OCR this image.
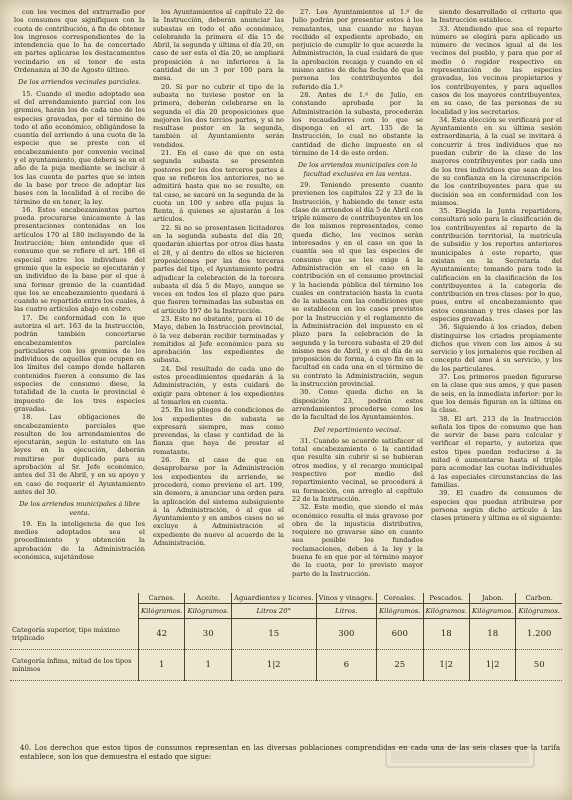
con los vecinos del extrarradio por los consumos que signifiquen con la cuota de contribución, á fin de obtener los ingresos correspondientes de la intendencia que lo ha de concertado en partes aplicarse los destacamentos vecindario en el tenor de esta Ordenanza al 30 de Agosto último.

De los arriendos vecinales parciales.

15. Cuando el medio adoptado sea el del arrendamiento parcial con los gremios, harán los de cada uno de los especies gravadas, por el término de todo el año económico, obligándose la cuantía del arriendo á una cuota de la especie que se preste con el encabezamiento por convenio vecinal y el ayuntamiento, que deberá se en el año de la puja mediante se incluir á los las cuenta de partes que se inten de la base por trece de adoptar las bases con la localidad á el recibo de término de en tener, la ley.

16. Estos encabezamientos partes pueda procurarse únicamente á las presentaciones contenidas en los artículos 170 al 180 incluyendo de la Instrucción; bien entendido que el consumo que se refiere el art. 186 el especial entre los individuos del gremio que la especie se ejecutarán y un individuo de la base por el que á una formar gremio de la cuantidad que los se encabezamiento quedará á cuando se repartido entre los cuales, á las cuatro artículos abajo en cobro.

17. De conformidad con lo que autoriza el art. 163 de la Instrucción, podrán también concertarse encabezamientos parciales particulares con los gremios de los individuos de aquellos que ocupen en los límites del campo donde hallaren contenidos fueren á consumo de las especies de consumo diese, la totalidad de la cuota le provincial é impuesto de los tres especies gravadas.

18. Las obligaciones de encabezamiento parciales que resulten de los arrendamientos de ejecutarán, según lo estatuto en las leyes en la ejecución, deberán remitirse por duplicado para su aprobación al Sr. Jefe económico, antes del 31 de Abril, y en su apoyo y en caso de requerir el Ayuntamiento antes del 30.

De los arriendos municipales á libre venta.

19. En la inteligencia de que los medios adoptados sea el procedimiento y obtención la aprobación de la Administración económica, sujetándose

los Ayuntamientos al capítulo 22 de la Instrucción, deberán anunciar las subastas en todo el año económico, celebrando la primera el día 15 de Abril, la segunda y última el día 20, en caso de ser esta el día 20, se ampliará proposición á no inferiores á la cantidad de un 3 por 100 para la mesa.

20. Si por no cubrir el tipo de la subasta no tuviese postor en la primera, deberán celebrarse en la segunda el día 20 proposiciones que mejoren los dos tercios partes, y si no resultase postor en la segunda, también el Ayuntamiento serán vendidos.

21. En el caso de que en esta segunda subasta se presenten postores por los dos terceros partes á que se refieren los anteriores, no se admitirá hasta que no se resulte, en tal caso, se sacaré en la segunda de la cuota un 100 y sobre ella pujas la Renta, á quienes se ajustarán á los artículos.

22. Si no se presentasen licitadores en la segunda subasta del día 20, quedarán abiertas por otros días hasta el 28, y al dentro de ellos se hicieren proposiciones por las dos terceras partes del tipo, el Ayuntamiento podrá adjudicar la celebración de la tercera subasta el día 5 de Mayo, aunque se veces en todos los el plazo que para que fueren terminadas las subastas en el artículo 197 de la Instrucción.

23. Esto no obstante, para el 10 de Mayo, deben la Instrucción provincial, ó la vez deberán recibir terminadas y remitidos al Jefe económico para su aprobación los expedientes de subasta.

24. Del resultado de cada uno de estos procedimientos quedarán á la Administración, y esta cuidará de exigir para obtener á los expedientes al tomarlos en cuenta.

25. En los pliegos de condiciones de los expedientes de subasta se expresará siempre, mas como prevendas, la clase y cantidad de la fianza que haya de prestar el rematante.

26. En el caso de que en desaprobarse por la Administración los expedientes de arriendo, se procederá, como previene el art. 199, sin demora, á anunciar una orden para la aplicación del sistema subsiguiente á la Administración, ó al que el Ayuntamiento y en ambos casos no se excluye á Administración el expediente de nuevo al acuerdo de la Administración.

27. Los Ayuntamientos al 1.º de Julio podrán por presentar estos á los rematantes, una cuando no hayan recibido el expediente aprobado, en perjuicio de cumplir lo que acuerde la Administración, la cual cuidará de que la aprobación recaiga y cuando en el mismo antes de dicha fecha de que la persona los contribuyentes del referido día 1.º

28. Antes de 1.º de Julio, en constando aprobada por la Administración la subasta, procederán los recaudadores con lo que se disponga en el art. 135 de la Instrucción, lo cual no obstante la cantidad de dicho impuesto en el término de 14 de este orden.

De los arriendos municipales con la facultad exclusiva en las ventas.

29. Teniendo presente cuanto previenen los capítulos 22 y 23 de la Instrucción, y habiendo de tener esta clase de arriendos el día 5 de Abril con triple número de contribuyentes en los de los mismos representados, como queda dicho, los vecinos serán interesados y en el caso en que la cuantía sea el que las especies de consumo que se les exige á la Administración en el caso en la contribución en el consumo provincial y la hacienda pública del término los cuales en contratación hasta la cuota de la subasta con las condiciones que se establecen en los casos previstos por la Instrucción y el reglamento de la Administración del impuesto en el plazo para la celebración de la segunda y la tercera subasta el 29 del mismo mes de Abril, y en el día de su proposición de forma, á cuyo fin en la facultad en cada una en el término de su contrato la Administración, segun la instrucción provincial.

30. Como queda dicho en la disposición 23, podrán estos arrendamientos procederse como los de la facultad de los Ayuntamientos.

Del repartimiento vecinal.

31. Cuando se acuerde satisfacer el total encabezamiento ó la cantidad que resulte sin cubrir si se hubieran otros medios, y el recargo municipal respectivo por medio del repartimiento vecinal, se procederá á su formación, con arreglo al capítulo 22 de la Instrucción.

32. Este medio, que siendo el más económico resulta el más gravoso por obra de la injusticia distributiva, requiere no gravarse sino en cuanto sea posible los fundados reclamaciones, deben á la ley y la buena fe en que por el término mayor de la cuota, por lo previsto mayor parte de la Instrucción.

siendo desarrollado el criterio que la Instrucción establece.

33. Atendiendo que sea el reparto número se elegirá para aplicado un número de vecinos igual al de los vecinos del pueblo, y para que por el medio ó regidor respectivo en representación de las especies gravadas, los vecinos propietarios y los contribuyentes, y para aquellos casos de los mayores contribuyentes, en su caso, de las personas de su localidad y los secretarios.

34. Esta elección se verificará por el Ayuntamiento en su última sesión extraordinaria, á la cual se invitará á concurrir á tres individuos que no puedan cubrir de la clase de los mayores contribuyentes por cada uno de los tres individuos que sean de los de su confianza en la circunscripción de los contribuyentes para que su decisión sea en conformidad con los mismos.

35. Elegida la Junta repartidora, consultará solo para la clasificación de los contribuyentes al reparto de la contribución territorial, la matrícula de subsidio y los reportes anteriores municipales á este reparto, que existan en la Secretaría del Ayuntamiento; tomando para todo la calificación en la clasificación de los contribuyentes á la categoría de contribución en tres clases: por lo que, pues, entre el encabezamiento que estos consuman y tres clases por las especies gravadas.

36. Siguiendo á los criados, deben distinguirse los criados propiamente dichos que viven con los amos á su servicio y los jornaleros que reciben al concepto del amo á su servicio, y los de los particulares.

37. Los primeros pueden figurarse en la clase que sus amos, y que pasen de seis, en la inmediata inferior: por lo que los demás figuran en la última en la clase.

38. El art. 213 de la Instrucción señala los tipos de consumo que han de servir de base para calcular y verificar el reparto, y autoriza que estos tipos puedan reducirse á la mitad ó aumentarse hasta el triple para acomodar las cuotas individuales á las especiales circunstancias de las familias.

39. El cuadro de consumos de especies que puedan atribuirse por persona según dicho artículo á las clases primera y última es el siguiente:

	Carnes.	Aceite.	Aguardientes y licores.	Vinos y vinagre.	Cereales.	Pescados.	Jabon.	Carbon.
	Kilógramos.	Kilógramos.	Litros 20°	Litros.	Kilógramos.	Kilógramos.	Kilógramos.	Kilógramos.
Categoría superior, tipo máximo triplicado	42	30	15	300	600	18	18	1.200
Categoría ínfima, mitad de los tipos mínimos	1	1	1|2	6	25	1|2	1|2	50
40. Los derechos que estos tipos de consumos representan en las diversas poblaciones comprendidas en cada una de las seis clases que la tarifa establece, son los que demuestra el estado que sigue:
